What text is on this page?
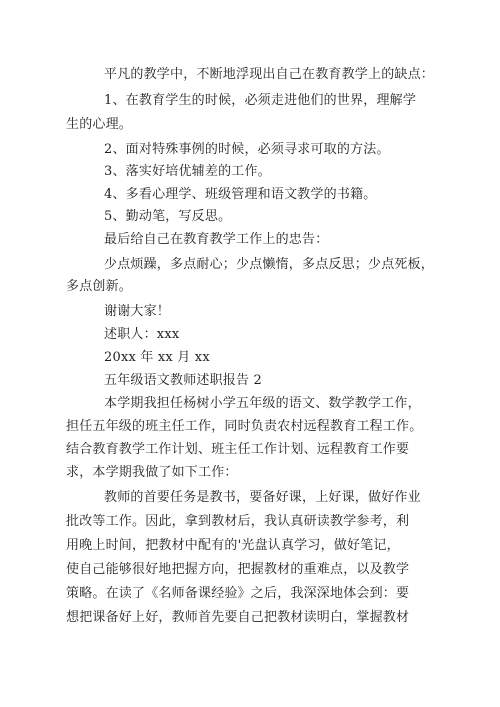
平凡的教学中，不断地浮现出自己在教育教学上的缺点：
1、在教育学生的时候，必须走进他们的世界，理解学
生的心理。
2、面对特殊事例的时候，必须寻求可取的方法。
3、落实好培优辅差的工作。
4、多看心理学、班级管理和语文教学的书籍。
5、勤动笔，写反思。
最后给自己在教育教学工作上的忠告：
少点烦躁，多点耐心；少点懒惰，多点反思；少点死板，
多点创新。
谢谢大家！
述职人：xxx
20xx 年 xx 月 xx
五年级语文教师述职报告 2
本学期我担任杨树小学五年级的语文、数学教学工作，
担任五年级的班主任工作，同时负责农村远程教育工程工作。
结合教育教学工作计划、班主任工作计划、远程教育工作要
求，本学期我做了如下工作：
教师的首要任务是教书，要备好课，上好课，做好作业
批改等工作。因此，拿到教材后，我认真研读教学参考，利
用晚上时间，把教材中配有的'光盘认真学习，做好笔记，
使自己能够很好地把握方向，把握教材的重难点，以及教学
策略。在读了《名师备课经验》之后，我深深地体会到：要
想把课备好上好，教师首先要自己把教材读明白，掌握教材
